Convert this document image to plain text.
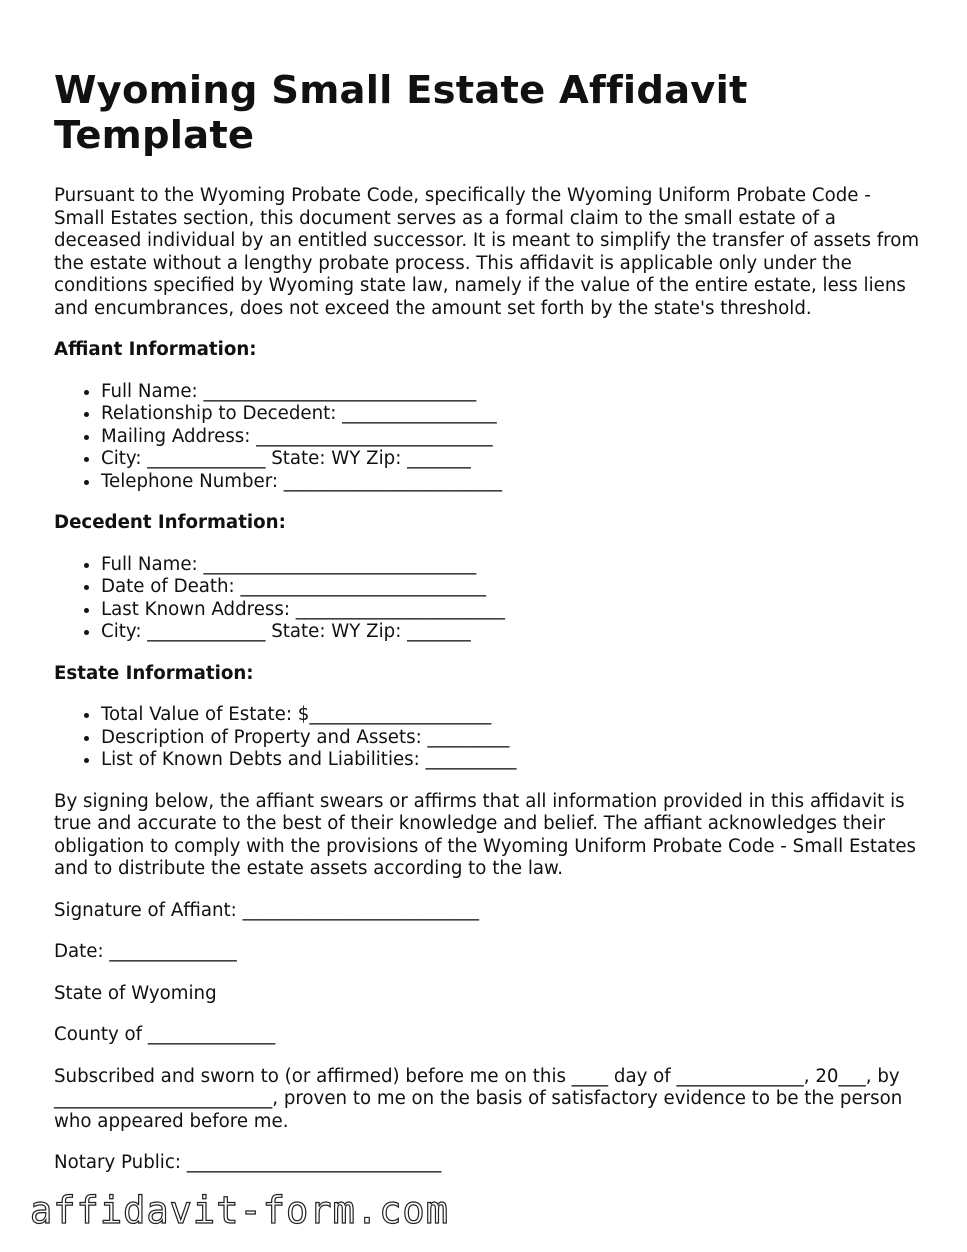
Wyoming Small Estate Affidavit Template

Pursuant to the Wyoming Probate Code, specifically the Wyoming Uniform Probate Code - Small Estates section, this document serves as a formal claim to the small estate of a deceased individual by an entitled successor. It is meant to simplify the transfer of assets from the estate without a lengthy probate process. This affidavit is applicable only under the conditions specified by Wyoming state law, namely if the value of the entire estate, less liens and encumbrances, does not exceed the amount set forth by the state's threshold.

Affiant Information:
• Full Name: ______________________________
• Relationship to Decedent: _________________
• Mailing Address: __________________________
• City: _____________ State: WY Zip: _______
• Telephone Number: ________________________
Decedent Information:
• Full Name: ______________________________
• Date of Death: ___________________________
• Last Known Address: _______________________
• City: _____________ State: WY Zip: _______
Estate Information:
• Total Value of Estate: $____________________
• Description of Property and Assets: _________
• List of Known Debts and Liabilities: __________

By signing below, the affiant swears or affirms that all information provided in this affidavit is true and accurate to the best of their knowledge and belief. The affiant acknowledges their obligation to comply with the provisions of the Wyoming Uniform Probate Code - Small Estates and to distribute the estate assets according to the law.

Signature of Affiant: __________________________

Date: ______________

State of Wyoming

County of ______________

Subscribed and sworn to (or affirmed) before me on this ____ day of ______________, 20___, by ________________________, proven to me on the basis of satisfactory evidence to be the person who appeared before me.

Notary Public: ____________________________

affidavit-form.com
